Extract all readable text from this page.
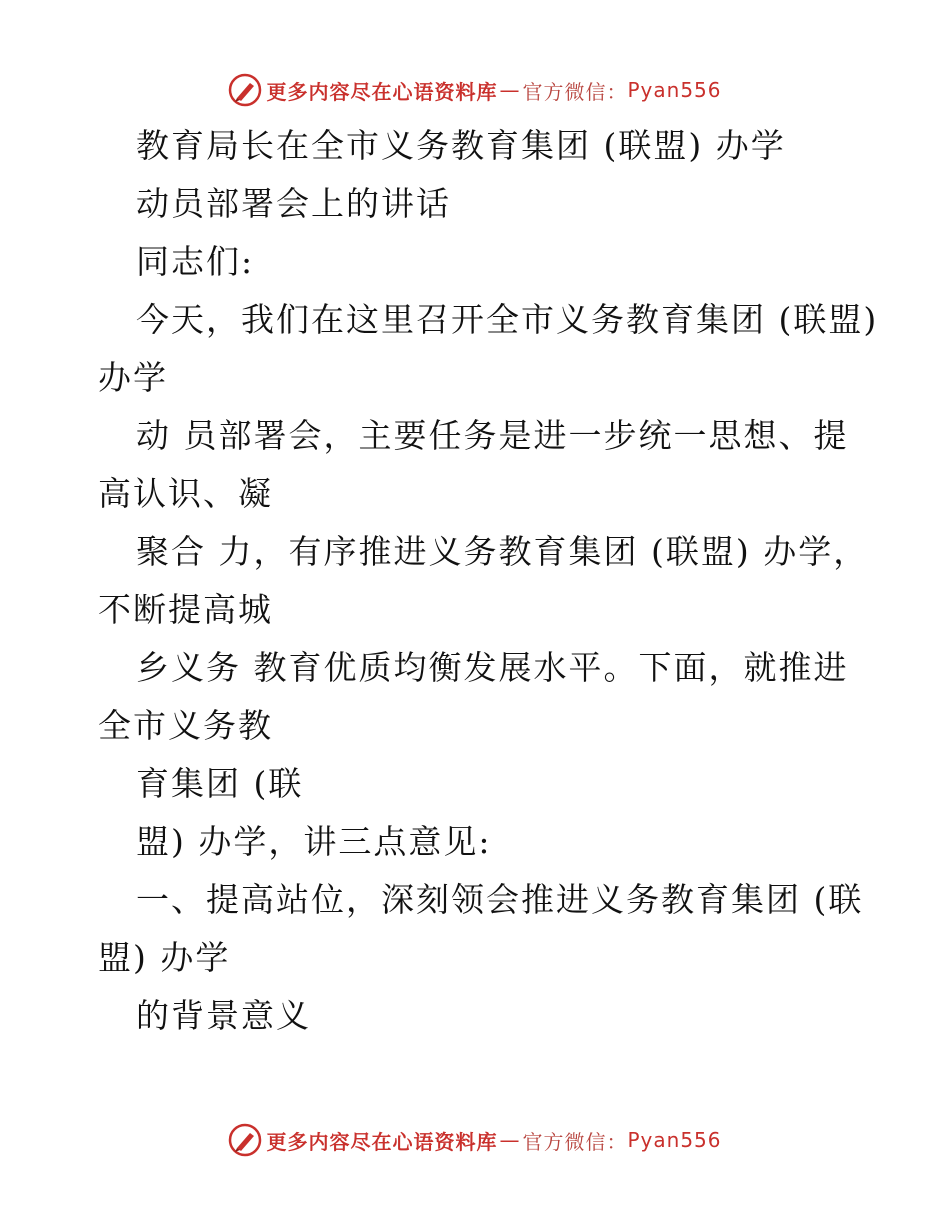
更多内容尽在心语资料库 — 官方微信： Pyan556
教育局长在全市义务教育集团 (联盟) 办学
动员部署会上的讲话
同志们:
今天，我们在这里召开全市义务教育集团 (联盟)
办学
动 员部署会，主要任务是进一步统一思想、提
高认识、凝
聚合 力，有序推进义务教育集团 (联盟) 办学，
不断提高城
乡义务 教育优质均衡发展水平。下面，就推进
全市义务教
育集团 (联
盟) 办学，讲三点意见:
一、提高站位，深刻领会推进义务教育集团 (联
盟) 办学
的背景意义
更多内容尽在心语资料库 — 官方微信： Pyan556
